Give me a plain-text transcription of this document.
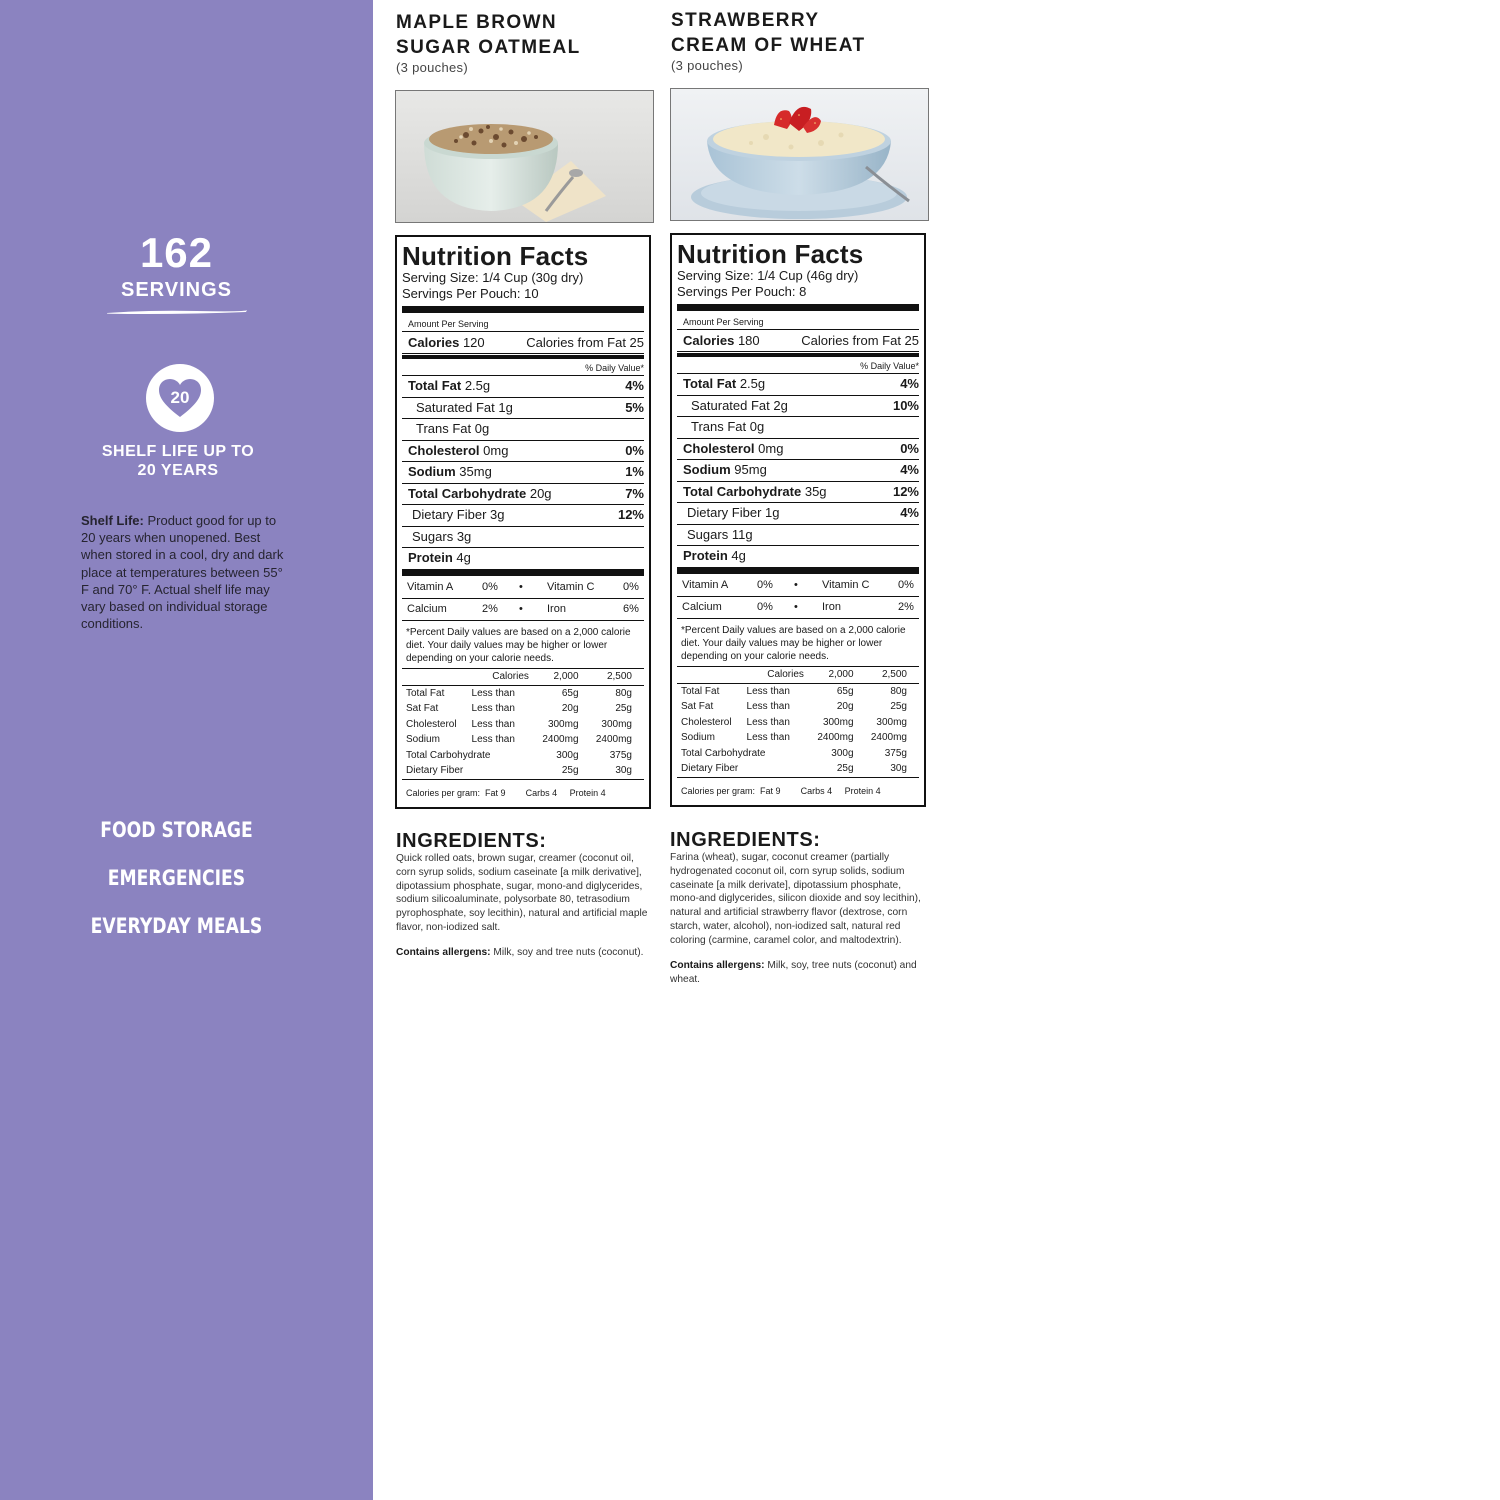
162
SERVINGS
20
SHELF LIFE UP TO
20 YEARS
Shelf Life: Product good for up to 20 years when unopened. Best when stored in a cool, dry and dark place at temperatures between 55° F and 70° F. Actual shelf life may vary based on individual storage conditions.
FOOD STORAGE
EMERGENCIES
EVERYDAY MEALS
MAPLE BROWN
SUGAR OATMEAL
(3 pouches)
Nutrition Facts
Serving Size: 1/4 Cup (30g dry)
Servings Per Pouch: 10
Amount Per Serving
Calories 120	Calories from Fat 25
% Daily Value*
Total Fat 2.5g	4%
Saturated Fat 1g	5%
Trans Fat 0g
Cholesterol 0mg	0%
Sodium 35mg	1%
Total Carbohydrate 20g	7%
Dietary Fiber 3g	12%
Sugars 3g
Protein 4g
Vitamin A	0%	•	Vitamin C	0%
Calcium	2%	•	Iron	6%
*Percent Daily values are based on a 2,000 calorie diet. Your daily values may be higher or lower depending on your calorie needs.
	Calories	2,000	2,500
Total Fat	Less than	65g	80g
Sat Fat	Less than	20g	25g
Cholesterol	Less than	300mg	300mg
Sodium	Less than	2400mg	2400mg
Total Carbohydrate		300g	375g
Dietary Fiber		25g	30g
Calories per gram: Fat 9 Carbs 4 Protein 4
INGREDIENTS:
Quick rolled oats, brown sugar, creamer (coconut oil, corn syrup solids, sodium caseinate [a milk derivative], dipotassium phosphate, sugar, mono-and diglycerides, sodium silicoaluminate, polysorbate 80, tetrasodium pyrophosphate, soy lecithin), natural and artificial maple flavor, non-iodized salt.
Contains allergens: Milk, soy and tree nuts (coconut).
STRAWBERRY
CREAM OF WHEAT
(3 pouches)
Nutrition Facts
Serving Size: 1/4 Cup (46g dry)
Servings Per Pouch: 8
Amount Per Serving
Calories 180	Calories from Fat 25
% Daily Value*
Total Fat 2.5g	4%
Saturated Fat 2g	10%
Trans Fat 0g
Cholesterol 0mg	0%
Sodium 95mg	4%
Total Carbohydrate 35g	12%
Dietary Fiber 1g	4%
Sugars 11g
Protein 4g
Vitamin A	0%	•	Vitamin C	0%
Calcium	0%	•	Iron	2%
*Percent Daily values are based on a 2,000 calorie diet. Your daily values may be higher or lower depending on your calorie needs.
	Calories	2,000	2,500
Total Fat	Less than	65g	80g
Sat Fat	Less than	20g	25g
Cholesterol	Less than	300mg	300mg
Sodium	Less than	2400mg	2400mg
Total Carbohydrate		300g	375g
Dietary Fiber		25g	30g
Calories per gram: Fat 9 Carbs 4 Protein 4
INGREDIENTS:
Farina (wheat), sugar, coconut creamer (partially hydrogenated coconut oil, corn syrup solids, sodium caseinate [a milk derivate], dipotassium phosphate, mono-and diglycerides, silicon dioxide and soy lecithin), natural and artificial strawberry flavor (dextrose, corn starch, water, alcohol), non-iodized salt, natural red coloring (carmine, caramel color, and maltodextrin).
Contains allergens: Milk, soy, tree nuts (coconut) and wheat.
